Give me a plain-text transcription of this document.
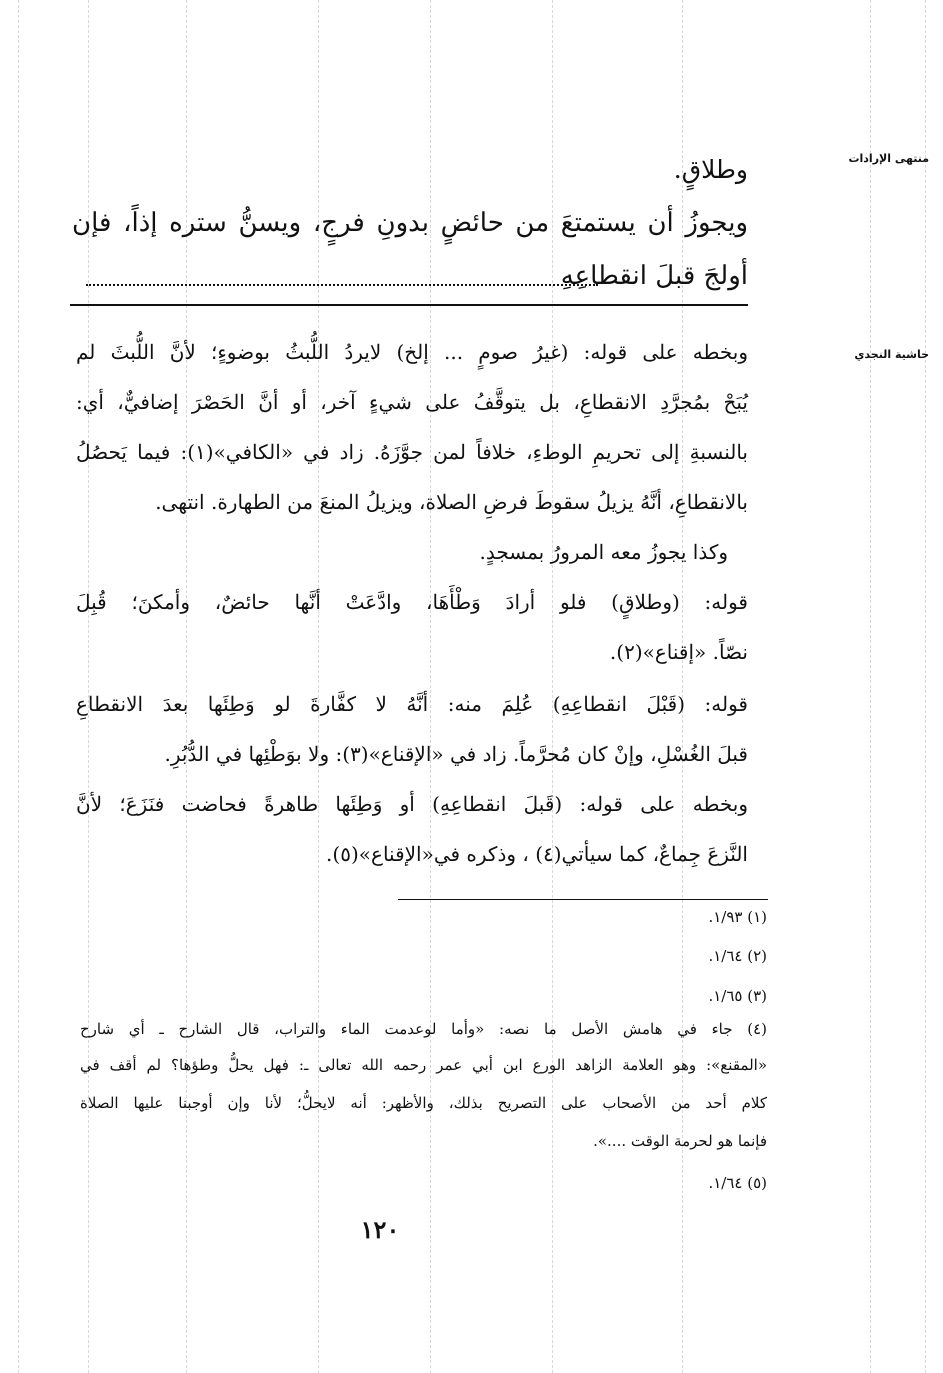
منتهى الإرادات
حاشية النجدي
وطلاقٍ.
ويجوزُ أن يستمتعَ من حائضٍ بدونِ فرجٍ، ويسنُّ ستره إذاً، فإن
أولجَ قبلَ انقطاعِهِ
وبخطه على قوله: (غيرُ صومٍ ... إلخ) لايردُ اللُّبثُ بوضوءٍ؛ لأنَّ اللُّبثَ لم
يُبَحْ بمُجرَّدِ الانقطاعِ، بل يتوقَّفُ على شيءٍ آخر، أو أنَّ الحَصْرَ إضافيٌّ، أي:
بالنسبةِ إلى تحريمِ الوطءِ، خلافاً لمن جوَّزَهُ. زاد في «الكافي»(١): فيما يَحصُلُ
بالانقطاعِ، أنَّهُ يزيلُ سقوطَ فرضِ الصلاة، ويزيلُ المنعَ من الطهارة. انتهى.
وكذا يجوزُ معه المرورُ بمسجدٍ.
قوله: (وطلاقٍ) فلو أرادَ وَطْأَهَا، وادَّعَتْ أنَّها حائضٌ، وأمكنَ؛ قُبِلَ
نصّاً. «إقناع»(٢).
قوله: (قَبْلَ انقطاعِهِ) عُلِمَ منه: أنَّهُ لا كفَّارةَ لو وَطِئَها بعدَ الانقطاعِ
قبلَ الغُسْلِ، وإنْ كان مُحرَّماً. زاد في «الإقناع»(٣): ولا بوَطْئِها في الدُّبُرِ.
وبخطه على قوله: (قَبلَ انقطاعِهِ) أو وَطِئَها طاهرةً فحاضت فنَزَعَ؛ لأنَّ
النَّزعَ جِماعٌ، كما سيأتي(٤) ، وذكره في«الإقناع»(٥).
(١) ١/٩٣.
(٢) ١/٦٤.
(٣) ١/٦٥.
(٤) جاء في هامش الأصل ما نصه: «وأما لوعدمت الماء والتراب، قال الشارح ـ أي شارح
«المقنع»: وهو العلامة الزاهد الورع ابن أبي عمر رحمه الله تعالى ـ: فهل يحلُّ وطؤها؟ لم أقف في
كلام أحد من الأصحاب على التصريح بذلك، والأظهر: أنه لايحلُّ؛ لأنا وإن أوجبنا عليها الصلاة
فإنما هو لحرمة الوقت ....».
(٥) ١/٦٤.
١٢٠
